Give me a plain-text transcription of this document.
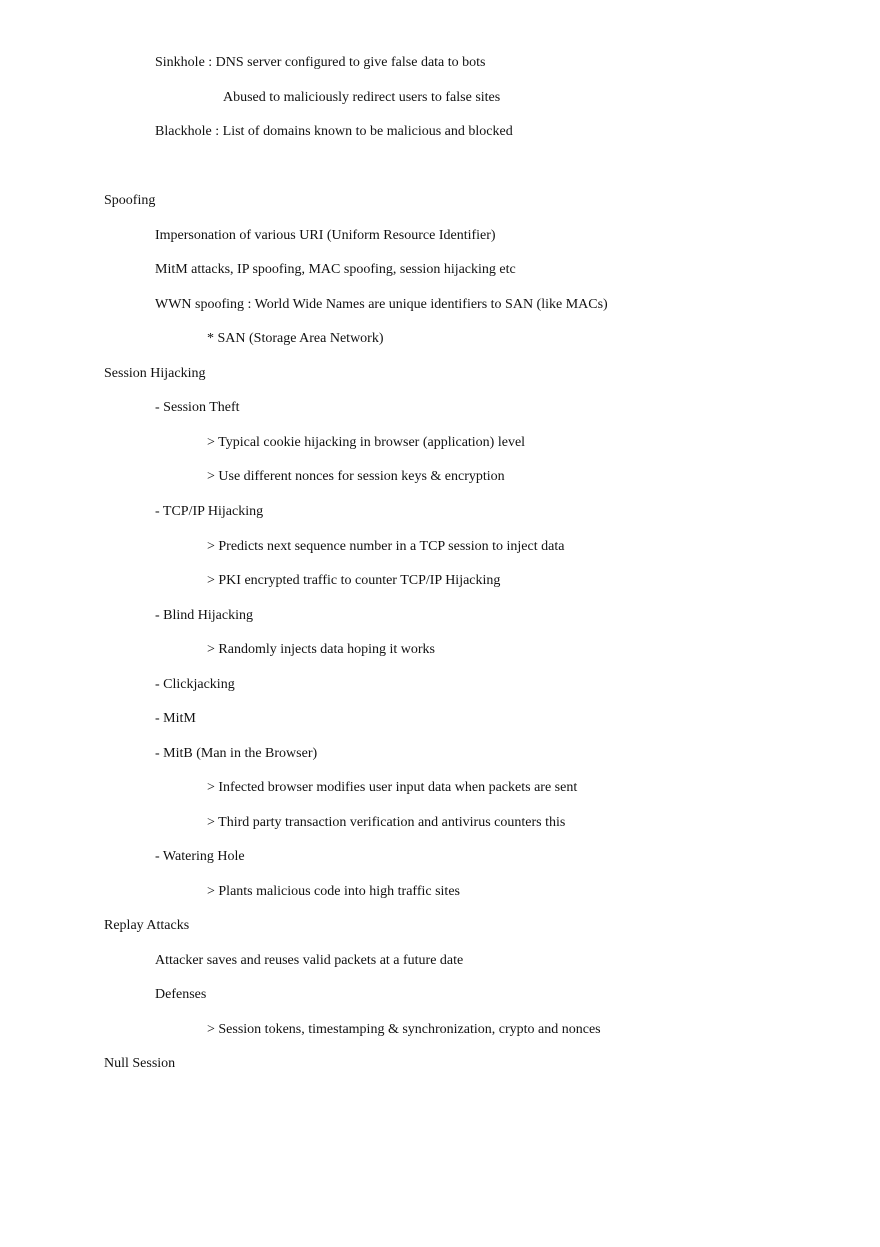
Sinkhole : DNS server configured to give false data to bots
Abused to maliciously redirect users to false sites
Blackhole : List of domains known to be malicious and blocked
Spoofing
Impersonation of various URI (Uniform Resource Identifier)
MitM attacks, IP spoofing, MAC spoofing, session hijacking etc
WWN spoofing : World Wide Names are unique identifiers to SAN (like MACs)
* SAN (Storage Area Network)
Session Hijacking
- Session Theft
> Typical cookie hijacking in browser (application) level
> Use different nonces for session keys & encryption
- TCP/IP Hijacking
> Predicts next sequence number in a TCP session to inject data
> PKI encrypted traffic to counter TCP/IP Hijacking
- Blind Hijacking
> Randomly injects data hoping it works
- Clickjacking
- MitM
- MitB (Man in the Browser)
> Infected browser modifies user input data when packets are sent
> Third party transaction verification and antivirus counters this
- Watering Hole
> Plants malicious code into high traffic sites
Replay Attacks
Attacker saves and reuses valid packets at a future date
Defenses
> Session tokens, timestamping & synchronization, crypto and nonces
Null Session
